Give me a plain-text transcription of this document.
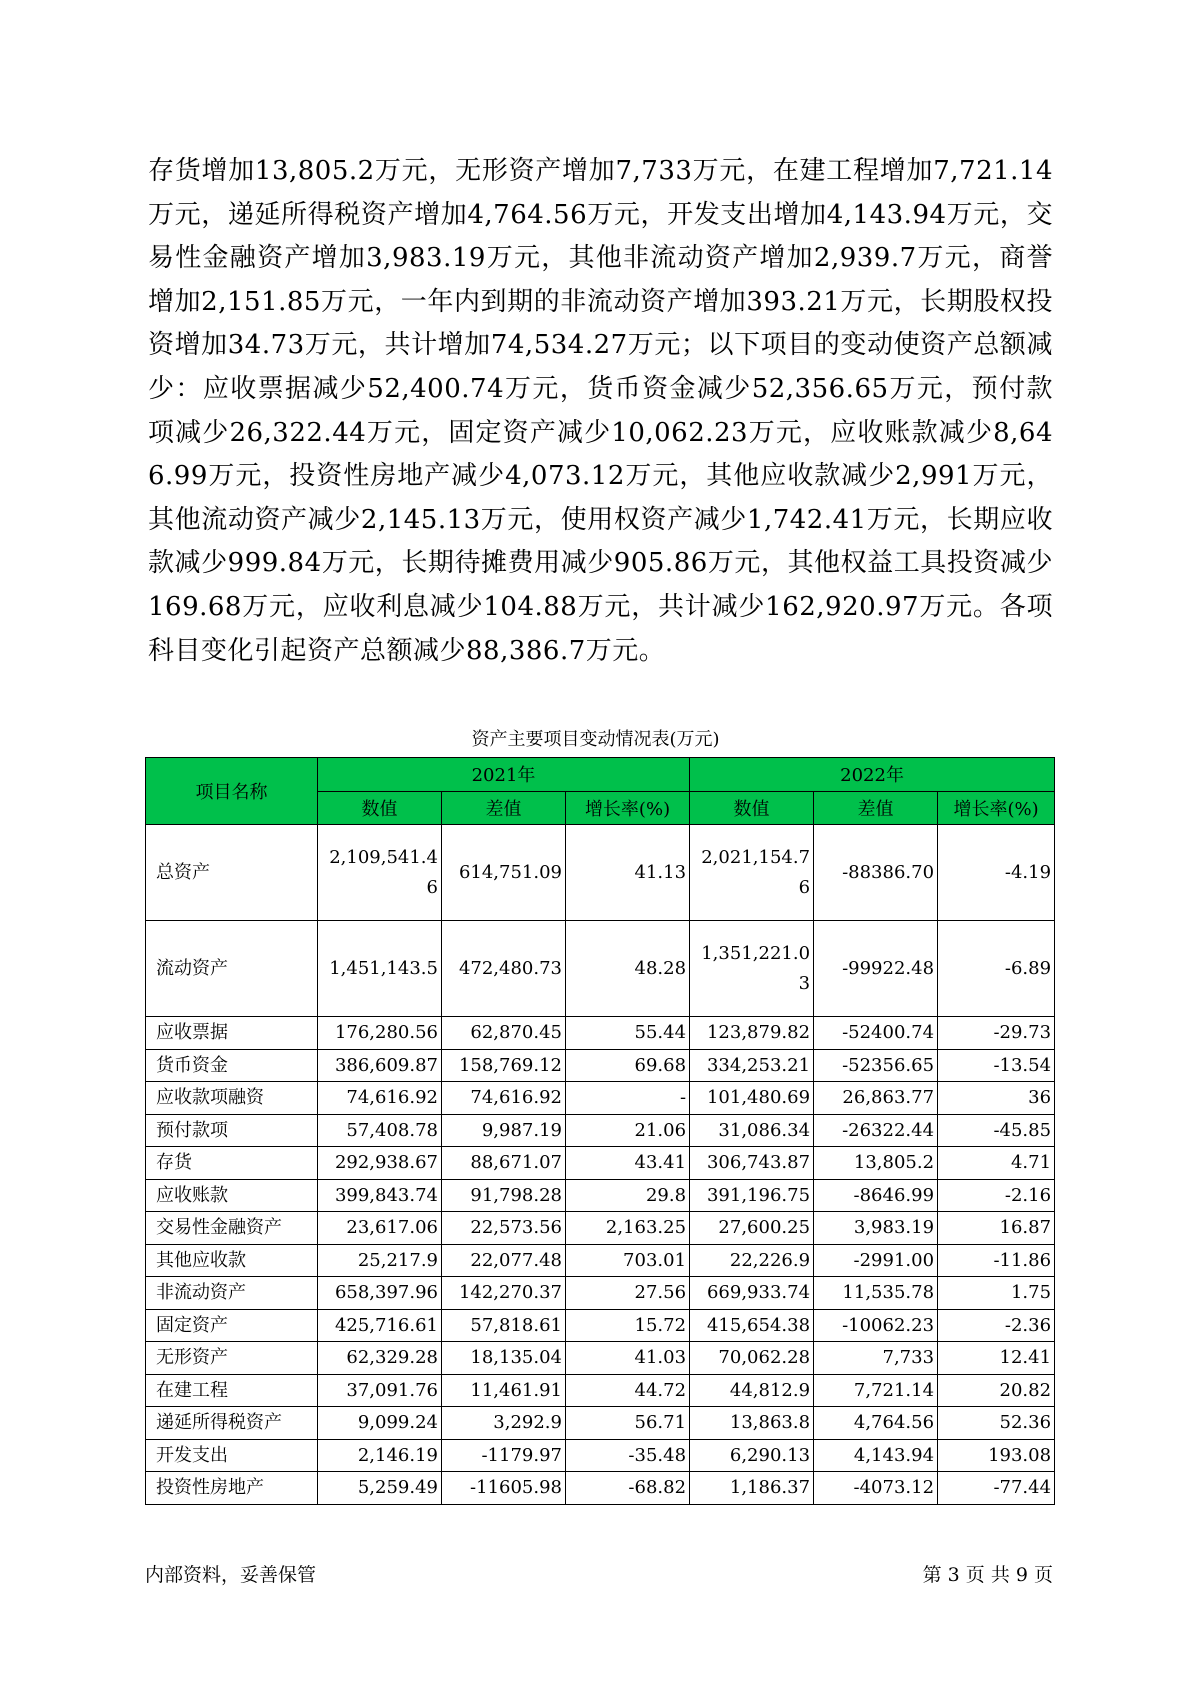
存货增加13,805.2万元，无形资产增加7,733万元，在建工程增加7,721.14万元，递延所得税资产增加4,764.56万元，开发支出增加4,143.94万元，交易性金融资产增加3,983.19万元，其他非流动资产增加2,939.7万元，商誉增加2,151.85万元，一年内到期的非流动资产增加393.21万元，长期股权投资增加34.73万元，共计增加74,534.27万元；以下项目的变动使资产总额减少：应收票据减少52,400.74万元，货币资金减少52,356.65万元，预付款项减少26,322.44万元，固定资产减少10,062.23万元，应收账款减少8,646.99万元，投资性房地产减少4,073.12万元，其他应收款减少2,991万元，其他流动资产减少2,145.13万元，使用权资产减少1,742.41万元，长期应收款减少999.84万元，长期待摊费用减少905.86万元，其他权益工具投资减少169.68万元，应收利息减少104.88万元，共计减少162,920.97万元。各项科目变化引起资产总额减少88,386.7万元。
资产主要项目变动情况表(万元)
项目名称	2021年			2022年		
	数值	差值	增长率(%)	数值	差值	增长率(%)
总资产	2,109,541.46	614,751.09	41.13	2,021,154.76	-88386.70	-4.19
流动资产	1,451,143.5	472,480.73	48.28	1,351,221.03	-99922.48	-6.89
应收票据	176,280.56	62,870.45	55.44	123,879.82	-52400.74	-29.73
货币资金	386,609.87	158,769.12	69.68	334,253.21	-52356.65	-13.54
应收款项融资	74,616.92	74,616.92	-	101,480.69	26,863.77	36
预付款项	57,408.78	9,987.19	21.06	31,086.34	-26322.44	-45.85
存货	292,938.67	88,671.07	43.41	306,743.87	13,805.2	4.71
应收账款	399,843.74	91,798.28	29.8	391,196.75	-8646.99	-2.16
交易性金融资产	23,617.06	22,573.56	2,163.25	27,600.25	3,983.19	16.87
其他应收款	25,217.9	22,077.48	703.01	22,226.9	-2991.00	-11.86
非流动资产	658,397.96	142,270.37	27.56	669,933.74	11,535.78	1.75
固定资产	425,716.61	57,818.61	15.72	415,654.38	-10062.23	-2.36
无形资产	62,329.28	18,135.04	41.03	70,062.28	7,733	12.41
在建工程	37,091.76	11,461.91	44.72	44,812.9	7,721.14	20.82
递延所得税资产	9,099.24	3,292.9	56.71	13,863.8	4,764.56	52.36
开发支出	2,146.19	-1179.97	-35.48	6,290.13	4,143.94	193.08
投资性房地产	5,259.49	-11605.98	-68.82	1,186.37	-4073.12	-77.44
内部资料，妥善保管	第 3 页 共 9 页
